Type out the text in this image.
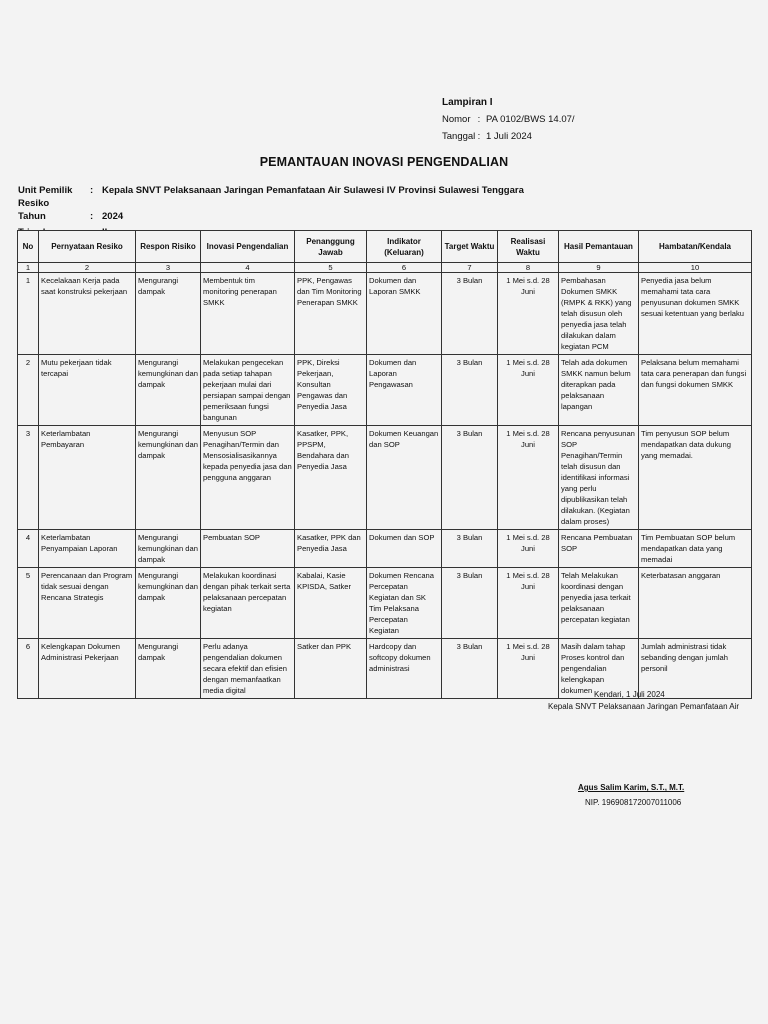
Lampiran I
Nomor : PA 0102/BWS 14.07/
Tanggal : 1 Juli 2024
PEMANTAUAN INOVASI PENGENDALIAN
Unit Pemilik Resiko
: Kepala SNVT Pelaksanaan Jaringan Pemanfataan Air Sulawesi IV Provinsi Sulawesi Tenggara
Tahun	: 2024
No	Pernyataan Resiko	Respon Risiko	Inovasi Pengendalian	Penanggung Jawab	Indikator (Keluaran)	Target Waktu	Realisasi Waktu	Hasil Pemantauan	Hambatan/Kendala
1	2	3	4	5	6	7	8	9	10
1	Kecelakaan Kerja pada saat konstruksi pekerjaan	Mengurangi dampak	Membentuk tim monitoring penerapan SMKK	PPK, Pengawas dan Tim Monitoring Penerapan SMKK	Dokumen dan Laporan SMKK	3 Bulan	1 Mei s.d. 28 Juni	Pembahasan Dokumen SMKK (RMPK & RKK) yang telah disusun oleh penyedia jasa telah dilakukan dalam kegiatan PCM	Penyedia jasa belum memahami tata cara penyusunan dokumen SMKK sesuai ketentuan yang berlaku
2	Mutu pekerjaan tidak tercapai	Mengurangi kemungkinan dan dampak	Melakukan pengecekan pada setiap tahapan pekerjaan mulai dari persiapan sampai dengan pemeriksaan fungsi bangunan	PPK, Direksi Pekerjaan, Konsultan Pengawas dan Penyedia Jasa	Dokumen dan Laporan Pengawasan	3 Bulan	1 Mei s.d. 28 Juni	Telah ada dokumen SMKK namun belum diterapkan pada pelaksanaan lapangan	Pelaksana belum memahami tata cara penerapan dan fungsi dan fungsi dokumen SMKK
3	Keterlambatan Pembayaran	Mengurangi kemungkinan dan dampak	Menyusun SOP Penagihan/Termin dan Mensosialisasikannya kepada penyedia jasa dan pengguna anggaran	Kasatker, PPK, PPSPM, Bendahara dan Penyedia Jasa	Dokumen Keuangan dan SOP	3 Bulan	1 Mei s.d. 28 Juni	Rencana penyusunan SOP Penagihan/Termin telah disusun dan identifikasi informasi yang perlu dipublikasikan telah dilakukan. (Kegiatan dalam proses)	Tim penyusun SOP belum mendapatkan data dukung yang memadai.
4	Keterlambatan Penyampaian Laporan	Mengurangi kemungkinan dan dampak	Pembuatan SOP	Kasatker, PPK dan Penyedia Jasa	Dokumen dan SOP	3 Bulan	1 Mei s.d. 28 Juni	Rencana Pembuatan SOP	Tim Pembuatan SOP belum mendapatkan data yang memadai
5	Perencanaan dan Program tidak sesuai dengan Rencana Strategis	Mengurangi kemungkinan dan dampak	Melakukan koordinasi dengan pihak terkait serta pelaksanaan percepatan kegiatan	Kabalai, Kasie KPISDA, Satker	Dokumen Rencana Percepatan Kegiatan dan SK Tim Pelaksana Percepatan Kegiatan	3 Bulan	1 Mei s.d. 28 Juni	Telah Melakukan koordinasi dengan penyedia jasa terkait pelaksanaan percepatan kegiatan	Keterbatasan anggaran
6	Kelengkapan Dokumen Administrasi Pekerjaan	Mengurangi dampak	Perlu adanya pengendalian dokumen secara efektif dan efisien dengan memanfaatkan media digital	Satker dan PPK	Hardcopy dan softcopy dokumen administrasi	3 Bulan	1 Mei s.d. 28 Juni	Masih dalam tahap Proses kontrol dan pengendalian kelengkapan dokumen	Jumlah administrasi tidak sebanding dengan jumlah personil
Kendari, 1 Juli 2024
Kepala SNVT Pelaksanaan Jaringan Pemanfataan Air
Agus Salim Karim, S.T., M.T.
NIP. 196908172007011006
